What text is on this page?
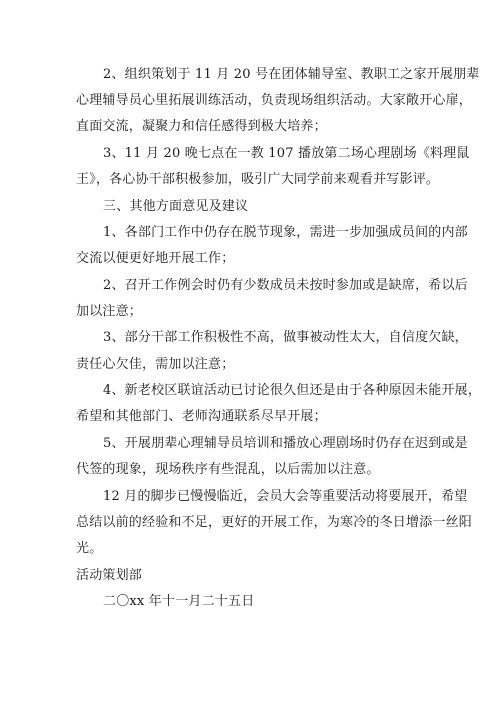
2、组织策划于 11 月 20 号在团体辅导室、教职工之家开展朋辈
心理辅导员心里拓展训练活动，负责现场组织活动。大家敞开心扉，
直面交流，凝聚力和信任感得到极大培养；
3、11 月 20 晚七点在一教 107 播放第二场心理剧场《料理鼠
王》，各心协干部积极参加，吸引广大同学前来观看并写影评。
三、其他方面意见及建议
1、各部门工作中仍存在脱节现象，需进一步加强成员间的内部
交流以便更好地开展工作；
2、召开工作例会时仍有少数成员未按时参加或是缺席，希以后
加以注意；
3、部分干部工作积极性不高，做事被动性太大，自信度欠缺，
责任心欠佳，需加以注意；
4、新老校区联谊活动已讨论很久但还是由于各种原因未能开展，
希望和其他部门、老师沟通联系尽早开展；
5、开展朋辈心理辅导员培训和播放心理剧场时仍存在迟到或是
代签的现象，现场秩序有些混乱，以后需加以注意。
12 月的脚步已慢慢临近，会员大会等重要活动将要展开，希望
总结以前的经验和不足，更好的开展工作，为寒冷的冬日增添一丝阳
光。
活动策划部
二〇xx 年十一月二十五日
